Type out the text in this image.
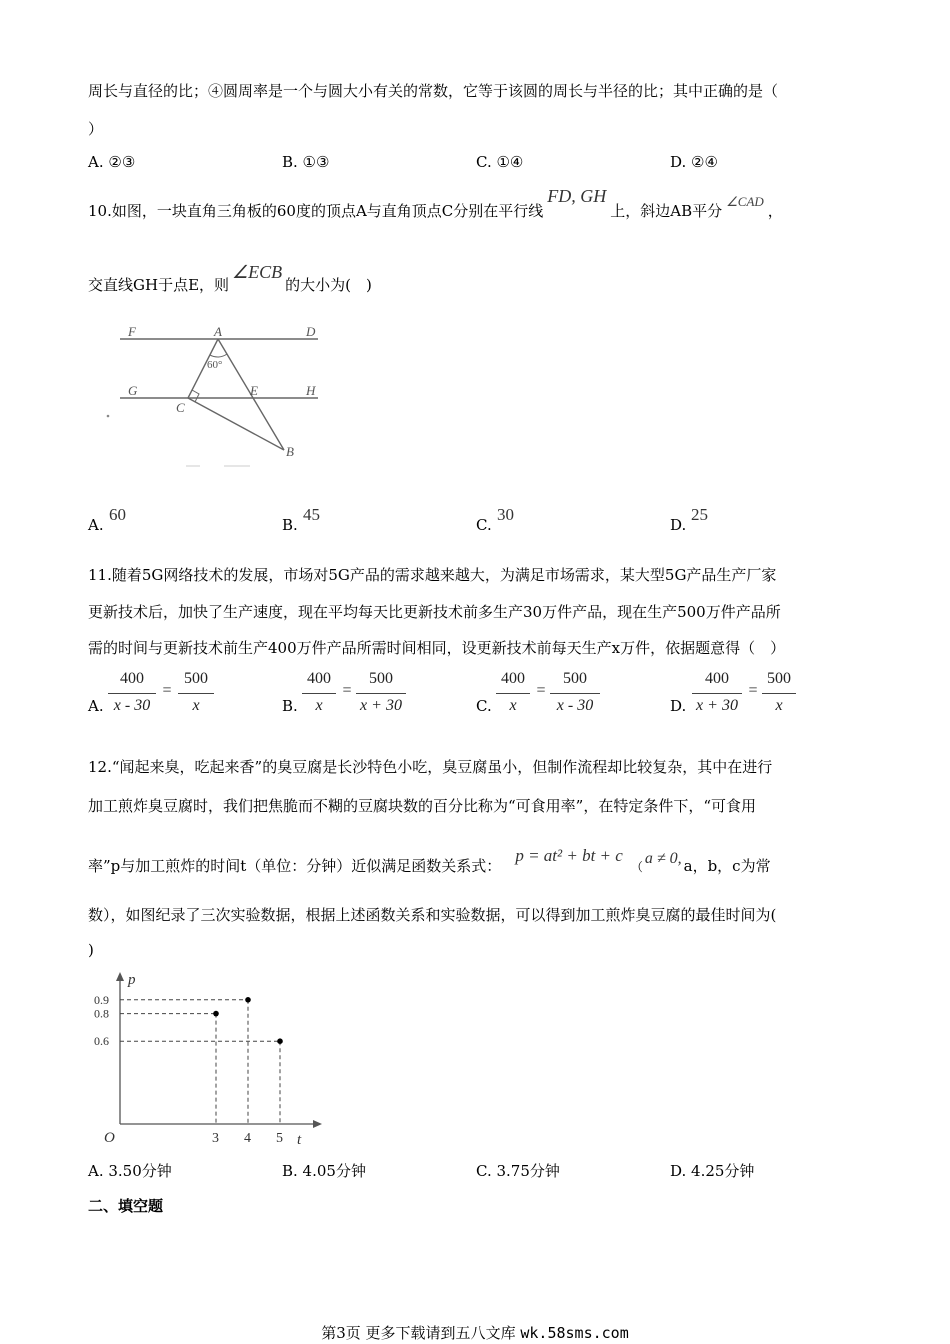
周长与直径的比；④圆周率是一个与圆大小有关的常数，它等于该圆的周长与半径的比；其中正确的是（
）
A. ②③	B. ①③	C. ①④	D. ②④
10.如图，一块直角三角板的60度的顶点A与直角顶点C分别在平行线FD, GH上，斜边AB平分∠CAD，
交直线GH于点E，则∠ECB的大小为(　)
F	A	D
G	E	H
C
B
60°
A.
60
B.
45
C.
30
D.
25
11.随着5G网络技术的发展，市场对5G产品的需求越来越大，为满足市场需求，某大型5G产品生产厂家
更新技术后，加快了生产速度，现在平均每天比更新技术前多生产30万件产品，现在生产500万件产品所
需的时间与更新技术前生产400万件产品所需时间相同，设更新技术前每天生产x万件，依据题意得（　）
A.
400
x - 30
=
500
x	B.
400
x
=
500
x + 30	C.
400
x
=
500
x - 30	D.
400
x + 30
=
500
x
12.“闻起来臭，吃起来香”的臭豆腐是长沙特色小吃，臭豆腐虽小，但制作流程却比较复杂，其中在进行
加工煎炸臭豆腐时，我们把焦脆而不糊的豆腐块数的百分比称为“可食用率”，在特定条件下，“可食用
率”p与加工煎炸的时间t（单位：分钟）近似满足函数关系式：p = at² + bt + c（ a ≠ 0, a，b，c为常
数），如图纪录了三次实验数据，根据上述函数关系和实验数据，可以得到加工煎炸臭豆腐的最佳时间为(
)
O	t
p
3
0.8
4
0.9
5
0.6
A. 3.50分钟	B. 4.05分钟	C. 3.75分钟	D. 4.25分钟
二、填空题
第3页 更多下载请到五八文库 wk.58sms.com
